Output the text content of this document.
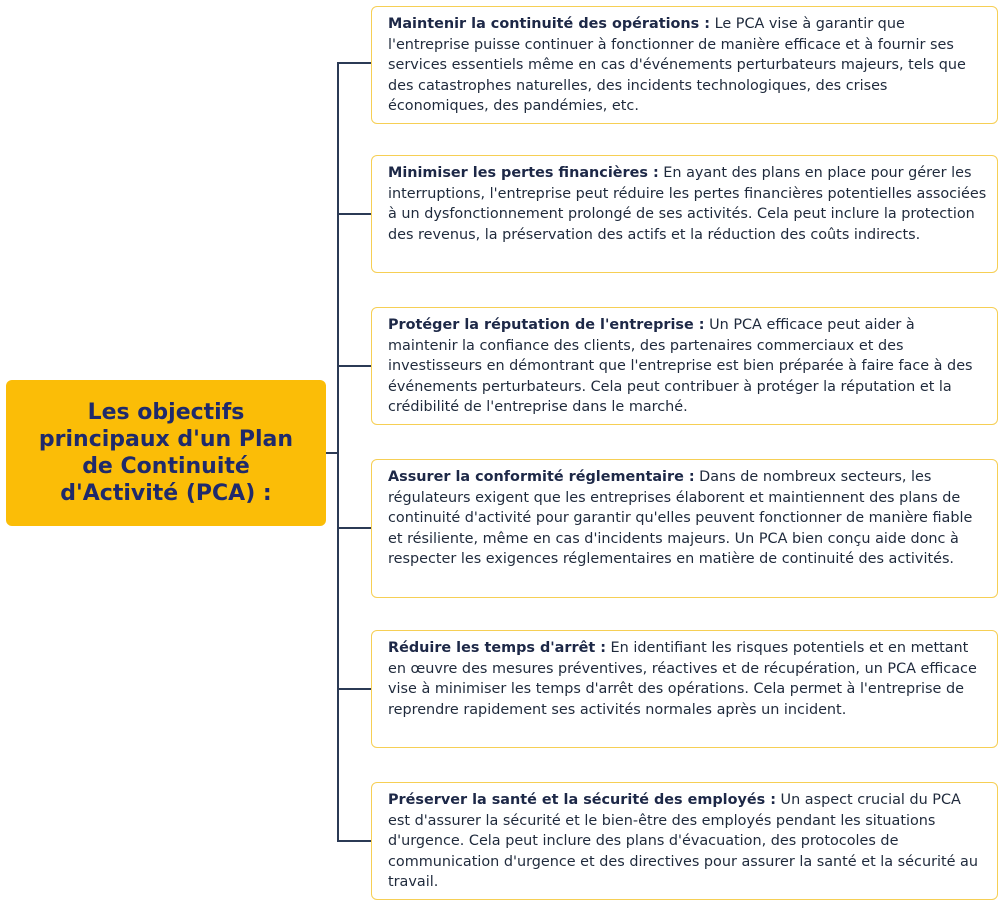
Les objectifs principaux d'un Plan de Continuité d'Activité (PCA) :
Maintenir la continuité des opérations : Le PCA vise à garantir que l'entreprise puisse continuer à fonctionner de manière efficace et à fournir ses services essentiels même en cas d'événements perturbateurs majeurs, tels que des catastrophes naturelles, des incidents technologiques, des crises économiques, des pandémies, etc.
Minimiser les pertes financières : En ayant des plans en place pour gérer les interruptions, l'entreprise peut réduire les pertes financières potentielles associées à un dysfonctionnement prolongé de ses activités. Cela peut inclure la protection des revenus, la préservation des actifs et la réduction des coûts indirects.
Protéger la réputation de l'entreprise : Un PCA efficace peut aider à maintenir la confiance des clients, des partenaires commerciaux et des investisseurs en démontrant que l'entreprise est bien préparée à faire face à des événements perturbateurs. Cela peut contribuer à protéger la réputation et la crédibilité de l'entreprise dans le marché.
Assurer la conformité réglementaire : Dans de nombreux secteurs, les régulateurs exigent que les entreprises élaborent et maintiennent des plans de continuité d'activité pour garantir qu'elles peuvent fonctionner de manière fiable et résiliente, même en cas d'incidents majeurs. Un PCA bien conçu aide donc à respecter les exigences réglementaires en matière de continuité des activités.
Réduire les temps d'arrêt : En identifiant les risques potentiels et en mettant en œuvre des mesures préventives, réactives et de récupération, un PCA efficace vise à minimiser les temps d'arrêt des opérations. Cela permet à l'entreprise de reprendre rapidement ses activités normales après un incident.
Préserver la santé et la sécurité des employés : Un aspect crucial du PCA est d'assurer la sécurité et le bien-être des employés pendant les situations d'urgence. Cela peut inclure des plans d'évacuation, des protocoles de communication d'urgence et des directives pour assurer la santé et la sécurité au travail.
